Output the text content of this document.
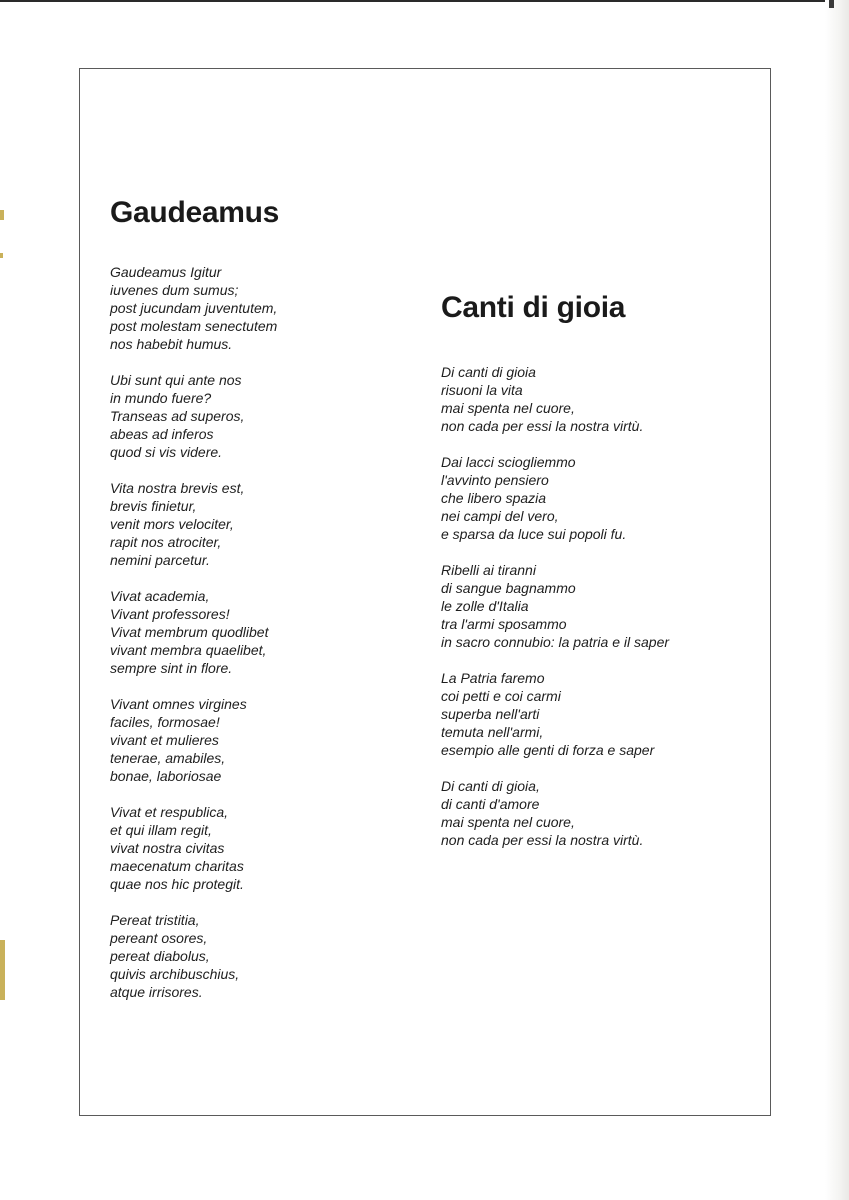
Gaudeamus
Canti di gioia
Gaudeamus Igitur
iuvenes dum sumus;
post jucundam juventutem,
post molestam senectutem
nos habebit humus.
Ubi sunt qui ante nos
in mundo fuere?
Transeas ad superos,
abeas ad inferos
quod si vis videre.
Vita nostra brevis est,
brevis finietur,
venit mors velociter,
rapit nos atrociter,
nemini parcetur.
Vivat academia,
Vivant professores!
Vivat membrum quodlibet
vivant membra quaelibet,
sempre sint in flore.
Vivant omnes virgines
faciles, formosae!
vivant et mulieres
tenerae, amabiles,
bonae, laboriosae
Vivat et respublica,
et qui illam regit,
vivat nostra civitas
maecenatum charitas
quae nos hic protegit.
Pereat tristitia,
pereant osores,
pereat diabolus,
quivis archibuschius,
atque irrisores.
Di canti di gioia
risuoni la vita
mai spenta nel cuore,
non cada per essi la nostra virtù.
Dai lacci sciogliemmo
l'avvinto pensiero
che libero spazia
nei campi del vero,
e sparsa da luce sui popoli fu.
Ribelli ai tiranni
di sangue bagnammo
le zolle d'Italia
tra l'armi sposammo
in sacro connubio: la patria e il saper
La Patria faremo
coi petti e coi carmi
superba nell'arti
temuta nell'armi,
esempio alle genti di forza e saper
Di canti di gioia,
di canti d'amore
mai spenta nel cuore,
non cada per essi la nostra virtù.
